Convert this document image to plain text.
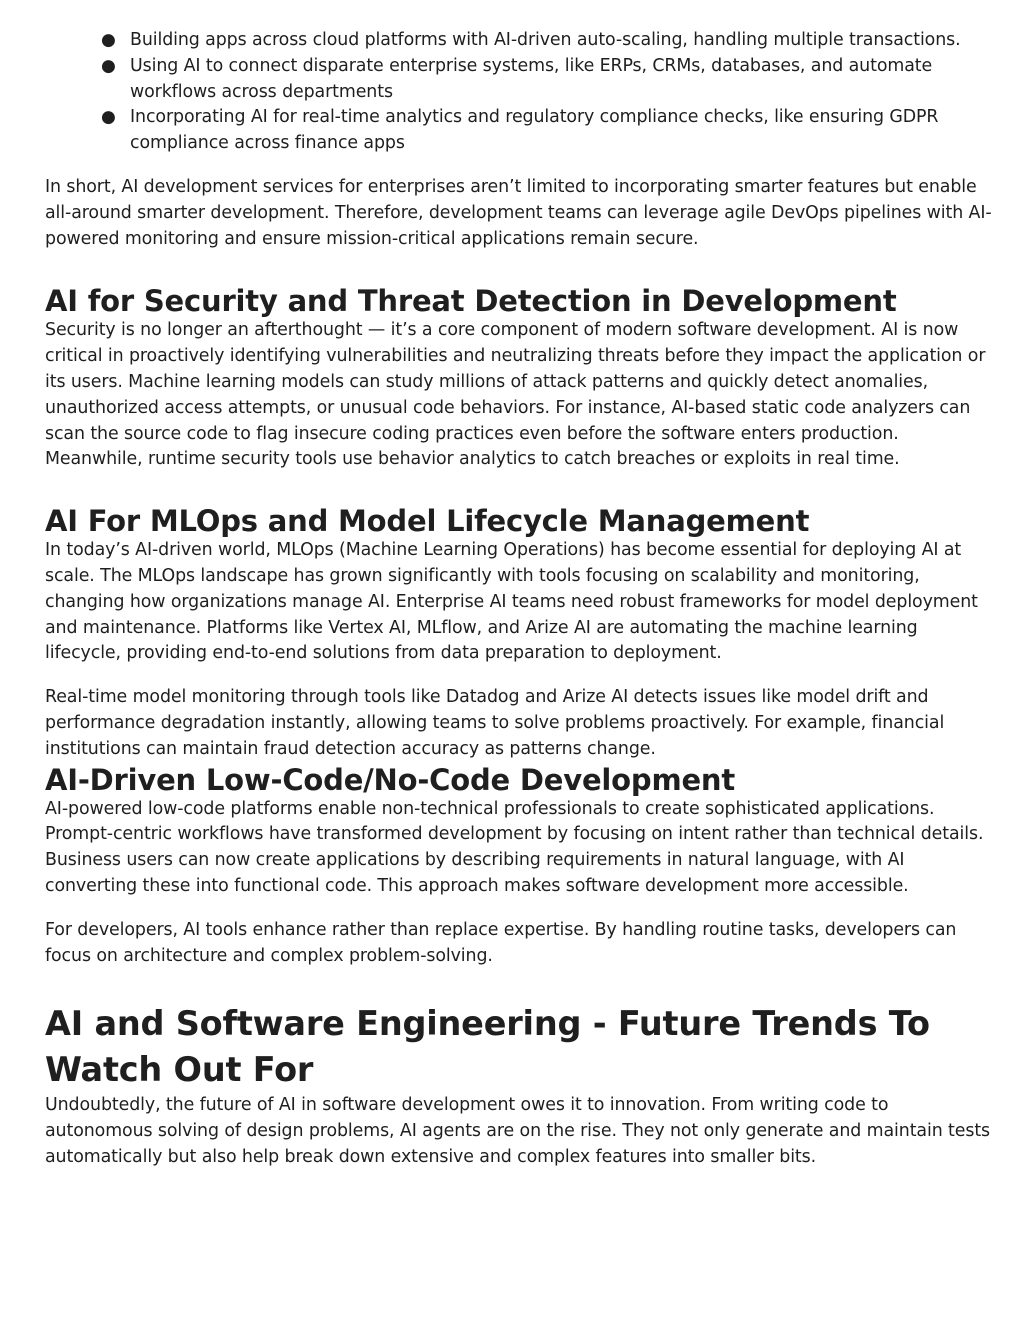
● Building apps across cloud platforms with AI-driven auto-scaling, handling multiple transactions.
● Using AI to connect disparate enterprise systems, like ERPs, CRMs, databases, and automate workflows across departments
● Incorporating AI for real-time analytics and regulatory compliance checks, like ensuring GDPR compliance across finance apps

In short, AI development services for enterprises aren’t limited to incorporating smarter features but enable all-around smarter development. Therefore, development teams can leverage agile DevOps pipelines with AI-powered monitoring and ensure mission-critical applications remain secure.

AI for Security and Threat Detection in Development

Security is no longer an afterthought — it’s a core component of modern software development. AI is now critical in proactively identifying vulnerabilities and neutralizing threats before they impact the application or its users. Machine learning models can study millions of attack patterns and quickly detect anomalies, unauthorized access attempts, or unusual code behaviors. For instance, AI-based static code analyzers can scan the source code to flag insecure coding practices even before the software enters production. Meanwhile, runtime security tools use behavior analytics to catch breaches or exploits in real time.

AI For MLOps and Model Lifecycle Management

In today’s AI-driven world, MLOps (Machine Learning Operations) has become essential for deploying AI at scale. The MLOps landscape has grown significantly with tools focusing on scalability and monitoring, changing how organizations manage AI. Enterprise AI teams need robust frameworks for model deployment and maintenance. Platforms like Vertex AI, MLflow, and Arize AI are automating the machine learning lifecycle, providing end-to-end solutions from data preparation to deployment.

Real-time model monitoring through tools like Datadog and Arize AI detects issues like model drift and performance degradation instantly, allowing teams to solve problems proactively. For example, financial institutions can maintain fraud detection accuracy as patterns change.

AI-Driven Low-Code/No-Code Development

AI-powered low-code platforms enable non-technical professionals to create sophisticated applications. Prompt-centric workflows have transformed development by focusing on intent rather than technical details. Business users can now create applications by describing requirements in natural language, with AI converting these into functional code. This approach makes software development more accessible.

For developers, AI tools enhance rather than replace expertise. By handling routine tasks, developers can focus on architecture and complex problem-solving.

AI and Software Engineering - Future Trends To Watch Out For

Undoubtedly, the future of AI in software development owes it to innovation. From writing code to autonomous solving of design problems, AI agents are on the rise. They not only generate and maintain tests automatically but also help break down extensive and complex features into smaller bits.
